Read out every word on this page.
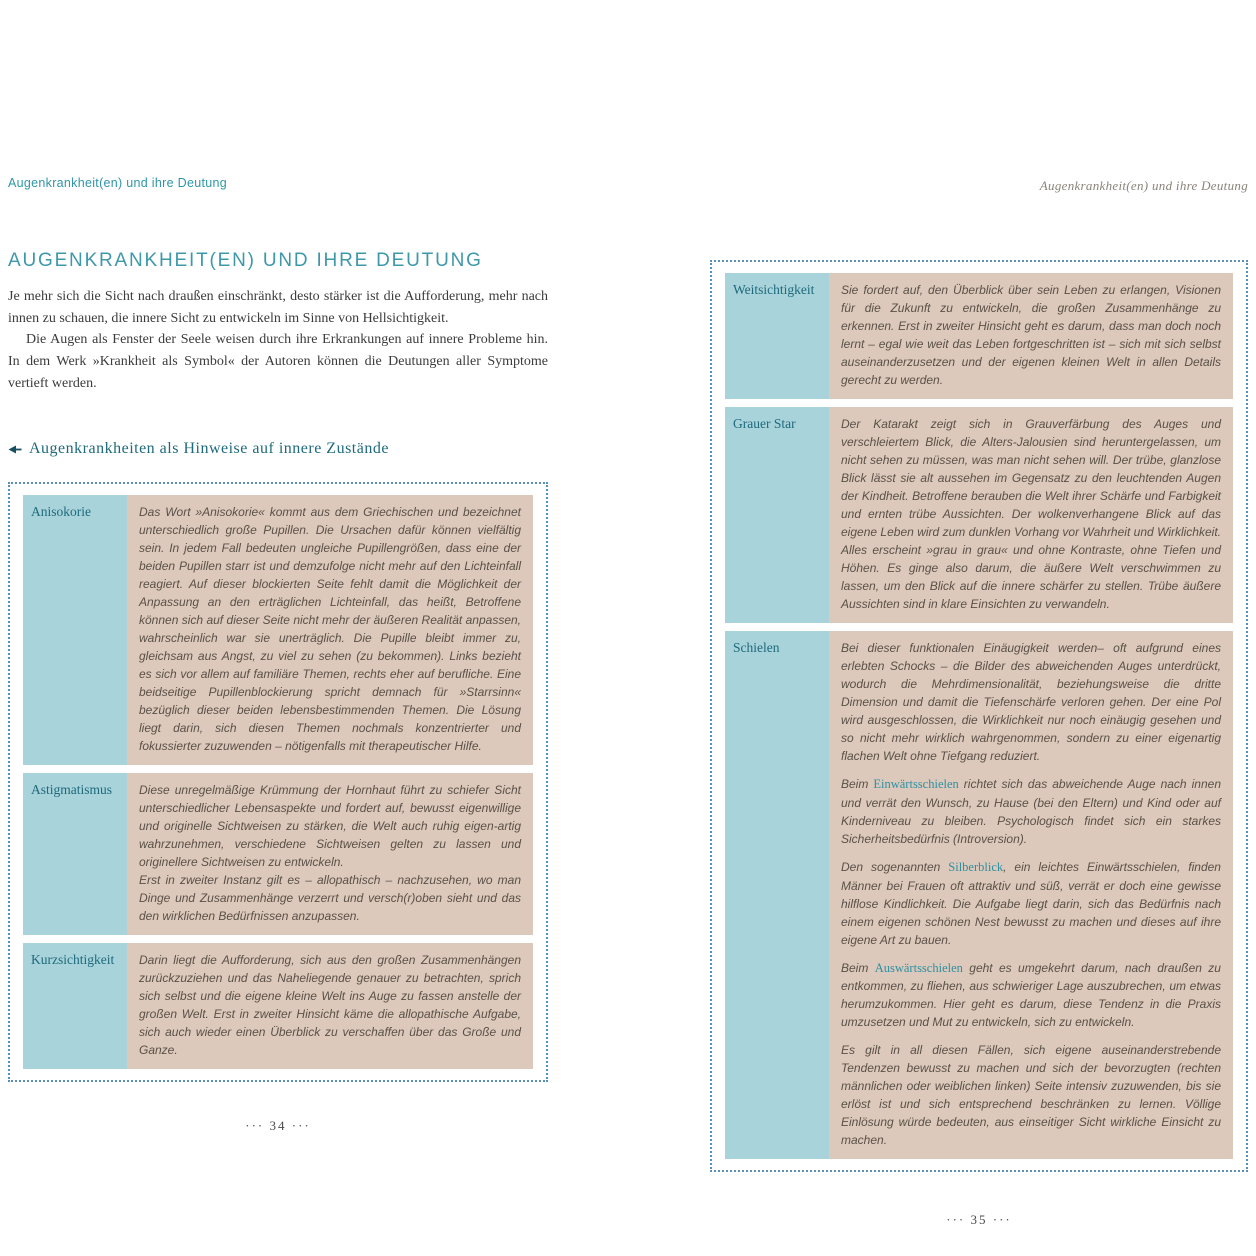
Augenkrankheit(en) und ihre Deutung
AUGENKRANKHEIT(EN) UND IHRE DEUTUNG

Je mehr sich die Sicht nach draußen einschränkt, desto stärker ist die Aufforderung, mehr nach innen zu schauen, die innere Sicht zu entwickeln im Sinne von Hellsichtigkeit.

Die Augen als Fenster der Seele weisen durch ihre Erkrankungen auf innere Probleme hin. In dem Werk »Krankheit als Symbol« der Autoren können die Deutungen aller Symptome vertieft werden.

Augenkrankheiten als Hinweise auf innere Zustände
Anisokorie	Das Wort »Anisokorie« kommt aus dem Griechischen und bezeichnet unterschiedlich große Pupillen. Die Ursachen dafür können vielfältig sein. In jedem Fall bedeuten ungleiche Pupillengrößen, dass eine der beiden Pupillen starr ist und demzufolge nicht mehr auf den Lichteinfall reagiert. Auf dieser blockierten Seite fehlt damit die Möglichkeit der Anpassung an den erträglichen Lichteinfall, das heißt, Betroffene können sich auf dieser Seite nicht mehr der äußeren Realität anpassen, wahrscheinlich war sie unerträglich. Die Pupille bleibt immer zu, gleichsam aus Angst, zu viel zu sehen (zu bekommen). Links bezieht es sich vor allem auf familiäre Themen, rechts eher auf berufliche. Eine beidseitige Pupillenblockierung spricht demnach für »Starrsinn« bezüglich dieser beiden lebensbestimmenden Themen. Die Lösung liegt darin, sich diesen Themen nochmals konzentrierter und fokussierter zuzuwenden – nötigenfalls mit therapeutischer Hilfe.

Astigmatismus	Diese unregelmäßige Krümmung der Hornhaut führt zu schiefer Sicht unterschiedlicher Lebensaspekte und fordert auf, bewusst eigenwillige und originelle Sichtweisen zu stärken, die Welt auch ruhig eigen-artig wahrzunehmen, verschiedene Sichtweisen gelten zu lassen und originellere Sichtweisen zu entwickeln.

Erst in zweiter Instanz gilt es – allopathisch – nachzusehen, wo man Dinge und Zusammenhänge verzerrt und versch(r)oben sieht und das den wirklichen Bedürfnissen anzupassen.

Kurzsichtigkeit	Darin liegt die Aufforderung, sich aus den großen Zusammenhängen zurückzuziehen und das Naheliegende genauer zu betrachten, sprich sich selbst und die eigene kleine Welt ins Auge zu fassen anstelle der großen Welt. Erst in zweiter Hinsicht käme die allopathische Aufgabe, sich auch wieder einen Überblick zu verschaffen über das Große und Ganze.

··· 34 ···
Augenkrankheit(en) und ihre Deutung
Weitsichtigkeit	Sie fordert auf, den Überblick über sein Leben zu erlangen, Visionen für die Zukunft zu entwickeln, die großen Zusammenhänge zu erkennen. Erst in zweiter Hinsicht geht es darum, dass man doch noch lernt – egal wie weit das Leben fortgeschritten ist – sich mit sich selbst auseinanderzusetzen und der eigenen kleinen Welt in allen Details gerecht zu werden.

Grauer Star	Der Katarakt zeigt sich in Grauverfärbung des Auges und verschleiertem Blick, die Alters-Jalousien sind heruntergelassen, um nicht sehen zu müssen, was man nicht sehen will. Der trübe, glanzlose Blick lässt sie alt aussehen im Gegensatz zu den leuchtenden Augen der Kindheit. Betroffene berauben die Welt ihrer Schärfe und Farbigkeit und ernten trübe Aussichten. Der wolkenverhangene Blick auf das eigene Leben wird zum dunklen Vorhang vor Wahrheit und Wirklichkeit. Alles erscheint »grau in grau« und ohne Kontraste, ohne Tiefen und Höhen. Es ginge also darum, die äußere Welt verschwimmen zu lassen, um den Blick auf die innere schärfer zu stellen. Trübe äußere Aussichten sind in klare Einsichten zu verwandeln.

Schielen	Bei dieser funktionalen Einäugigkeit werden– oft aufgrund eines erlebten Schocks – die Bilder des abweichenden Auges unterdrückt, wodurch die Mehrdimensionalität, beziehungsweise die dritte Dimension und damit die Tiefenschärfe verloren gehen. Der eine Pol wird ausgeschlossen, die Wirklichkeit nur noch einäugig gesehen und so nicht mehr wirklich wahrgenommen, sondern zu einer eigenartig flachen Welt ohne Tiefgang reduziert.

Beim Einwärtsschielen richtet sich das abweichende Auge nach innen und verrät den Wunsch, zu Hause (bei den Eltern) und Kind oder auf Kinderniveau zu bleiben. Psychologisch findet sich ein starkes Sicherheitsbedürfnis (Introversion).

Den sogenannten Silberblick, ein leichtes Einwärtsschielen, finden Männer bei Frauen oft attraktiv und süß, verrät er doch eine gewisse hilflose Kindlichkeit. Die Aufgabe liegt darin, sich das Bedürfnis nach einem eigenen schönen Nest bewusst zu machen und dieses auf ihre eigene Art zu bauen.

Beim Auswärtsschielen geht es umgekehrt darum, nach draußen zu entkommen, zu fliehen, aus schwieriger Lage auszubrechen, um etwas herumzukommen. Hier geht es darum, diese Tendenz in die Praxis umzusetzen und Mut zu entwickeln, sich zu entwickeln.

Es gilt in all diesen Fällen, sich eigene auseinanderstrebende Tendenzen bewusst zu machen und sich der bevorzugten (rechten männlichen oder weiblichen linken) Seite intensiv zuzuwenden, bis sie erlöst ist und sich entsprechend beschränken zu lernen. Völlige Einlösung würde bedeuten, aus einseitiger Sicht wirkliche Einsicht zu machen.

··· 35 ···
